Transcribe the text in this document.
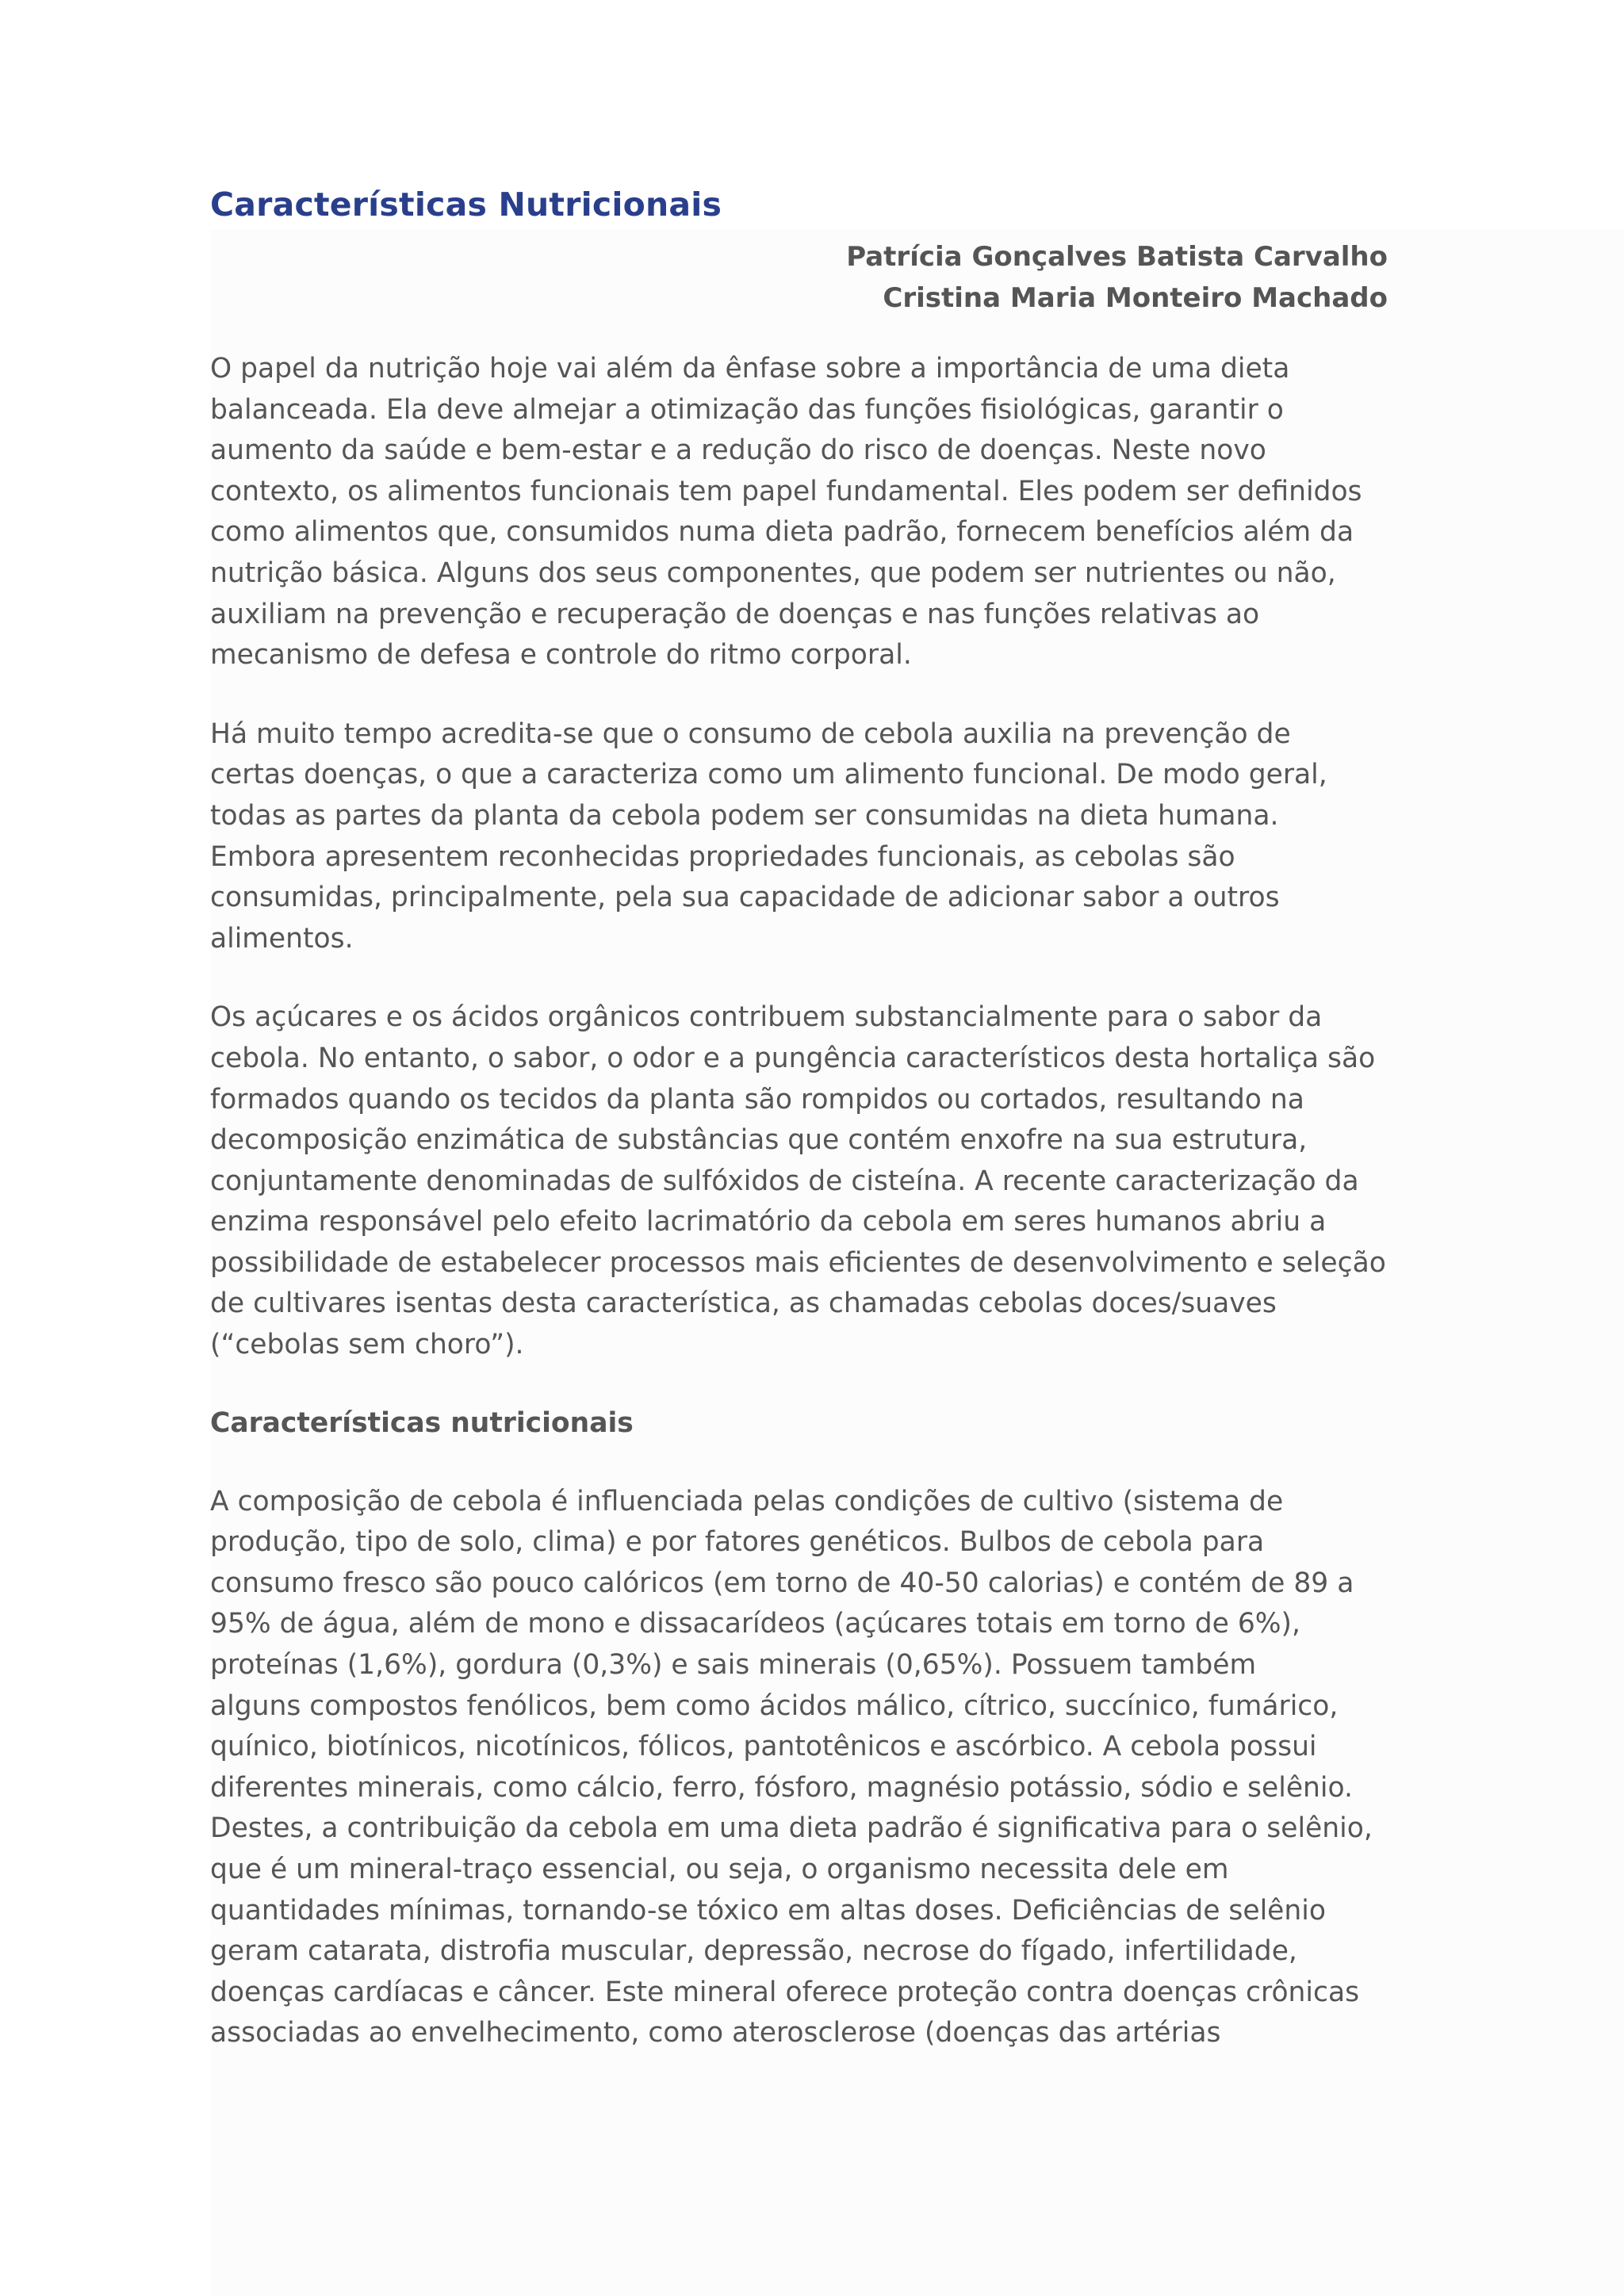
Características Nutricionais
Patrícia Gonçalves Batista Carvalho
Cristina Maria Monteiro Machado

O papel da nutrição hoje vai além da ênfase sobre a importância de uma dieta
balanceada. Ela deve almejar a otimização das funções fisiológicas, garantir o
aumento da saúde e bem-estar e a redução do risco de doenças. Neste novo
contexto, os alimentos funcionais tem papel fundamental. Eles podem ser definidos
como alimentos que, consumidos numa dieta padrão, fornecem benefícios além da
nutrição básica. Alguns dos seus componentes, que podem ser nutrientes ou não,
auxiliam na prevenção e recuperação de doenças e nas funções relativas ao
mecanismo de defesa e controle do ritmo corporal.

Há muito tempo acredita-se que o consumo de cebola auxilia na prevenção de
certas doenças, o que a caracteriza como um alimento funcional. De modo geral,
todas as partes da planta da cebola podem ser consumidas na dieta humana.
Embora apresentem reconhecidas propriedades funcionais, as cebolas são
consumidas, principalmente, pela sua capacidade de adicionar sabor a outros
alimentos.

Os açúcares e os ácidos orgânicos contribuem substancialmente para o sabor da
cebola. No entanto, o sabor, o odor e a pungência característicos desta hortaliça são
formados quando os tecidos da planta são rompidos ou cortados, resultando na
decomposição enzimática de substâncias que contém enxofre na sua estrutura,
conjuntamente denominadas de sulfóxidos de cisteína. A recente caracterização da
enzima responsável pelo efeito lacrimatório da cebola em seres humanos abriu a
possibilidade de estabelecer processos mais eficientes de desenvolvimento e seleção
de cultivares isentas desta característica, as chamadas cebolas doces/suaves
(“cebolas sem choro”).

Características nutricionais

A composição de cebola é influenciada pelas condições de cultivo (sistema de
produção, tipo de solo, clima) e por fatores genéticos. Bulbos de cebola para
consumo fresco são pouco calóricos (em torno de 40-50 calorias) e contém de 89 a
95% de água, além de mono e dissacarídeos (açúcares totais em torno de 6%),
proteínas (1,6%), gordura (0,3%) e sais minerais (0,65%). Possuem também
alguns compostos fenólicos, bem como ácidos málico, cítrico, succínico, fumárico,
quínico, biotínicos, nicotínicos, fólicos, pantotênicos e ascórbico. A cebola possui
diferentes minerais, como cálcio, ferro, fósforo, magnésio potássio, sódio e selênio.
Destes, a contribuição da cebola em uma dieta padrão é significativa para o selênio,
que é um mineral-traço essencial, ou seja, o organismo necessita dele em
quantidades mínimas, tornando-se tóxico em altas doses. Deficiências de selênio
geram catarata, distrofia muscular, depressão, necrose do fígado, infertilidade,
doenças cardíacas e câncer. Este mineral oferece proteção contra doenças crônicas
associadas ao envelhecimento, como aterosclerose (doenças das artérias
